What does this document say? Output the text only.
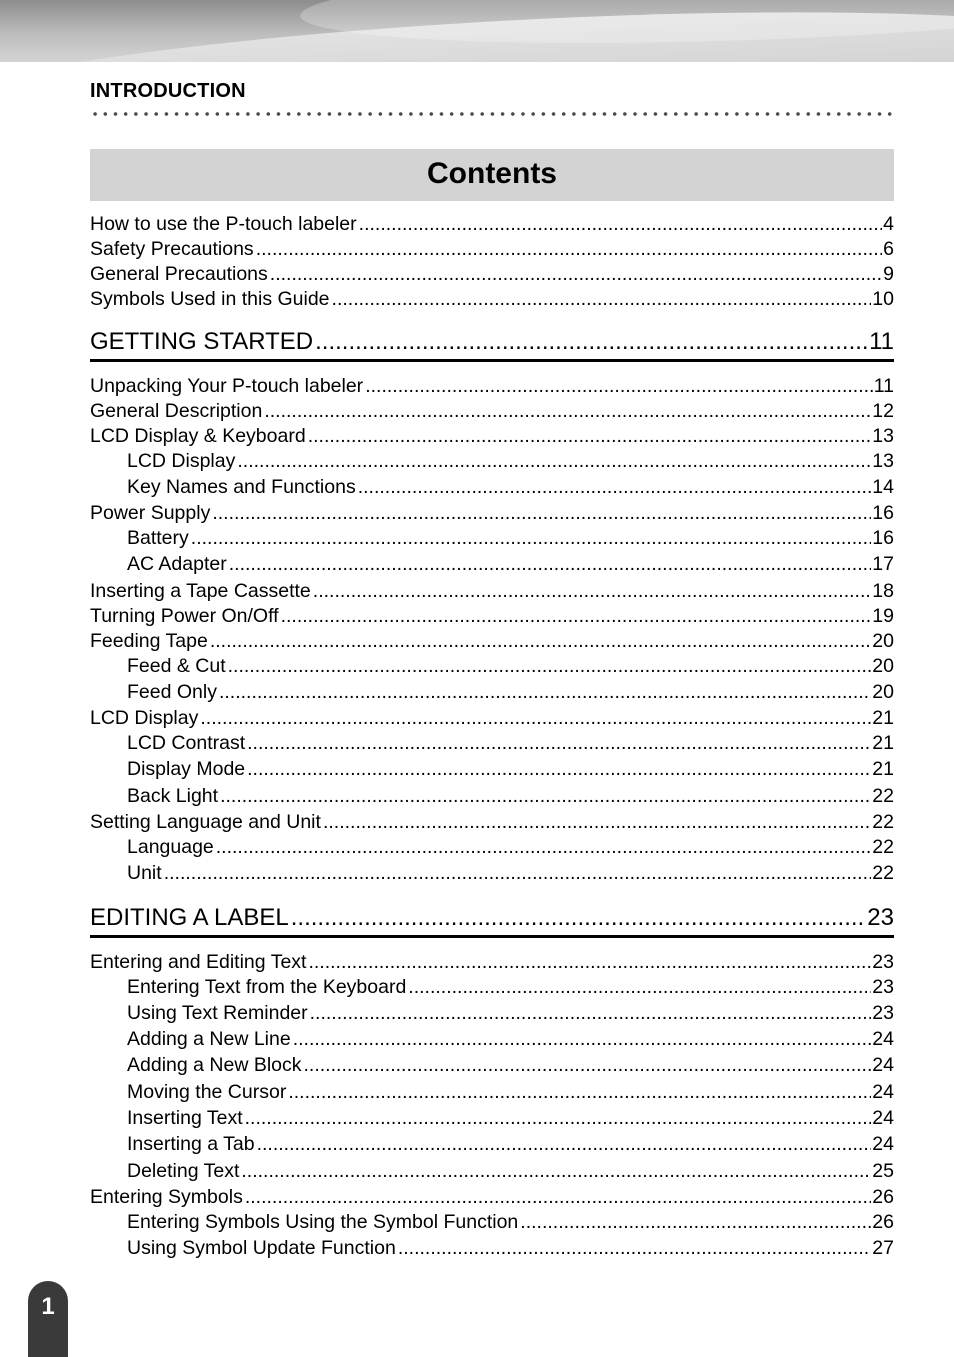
INTRODUCTION
Contents
How to use the P-touch labeler .....	4
Safety Precautions .....	6
General Precautions .....	9
Symbols Used in this Guide .....	10
GETTING STARTED .....	11
Unpacking Your P-touch labeler .....	11
General Description .....	12
LCD Display & Keyboard .....	13
LCD Display .....	13
Key Names and Functions .....	14
Power Supply .....	16
Battery .....	16
AC Adapter .....	17
Inserting a Tape Cassette .....	18
Turning Power On/Off .....	19
Feeding Tape .....	20
Feed & Cut .....	20
Feed Only .....	20
LCD Display .....	21
LCD Contrast .....	21
Display Mode .....	21
Back Light .....	22
Setting Language and Unit .....	22
Language .....	22
Unit .....	22
EDITING A LABEL .....	23
Entering and Editing Text .....	23
Entering Text from the Keyboard .....	23
Using Text Reminder .....	23
Adding a New Line .....	24
Adding a New Block .....	24
Moving the Cursor .....	24
Inserting Text .....	24
Inserting a Tab .....	24
Deleting Text .....	25
Entering Symbols .....	26
Entering Symbols Using the Symbol Function .....	26
Using Symbol Update Function .....	27
1
